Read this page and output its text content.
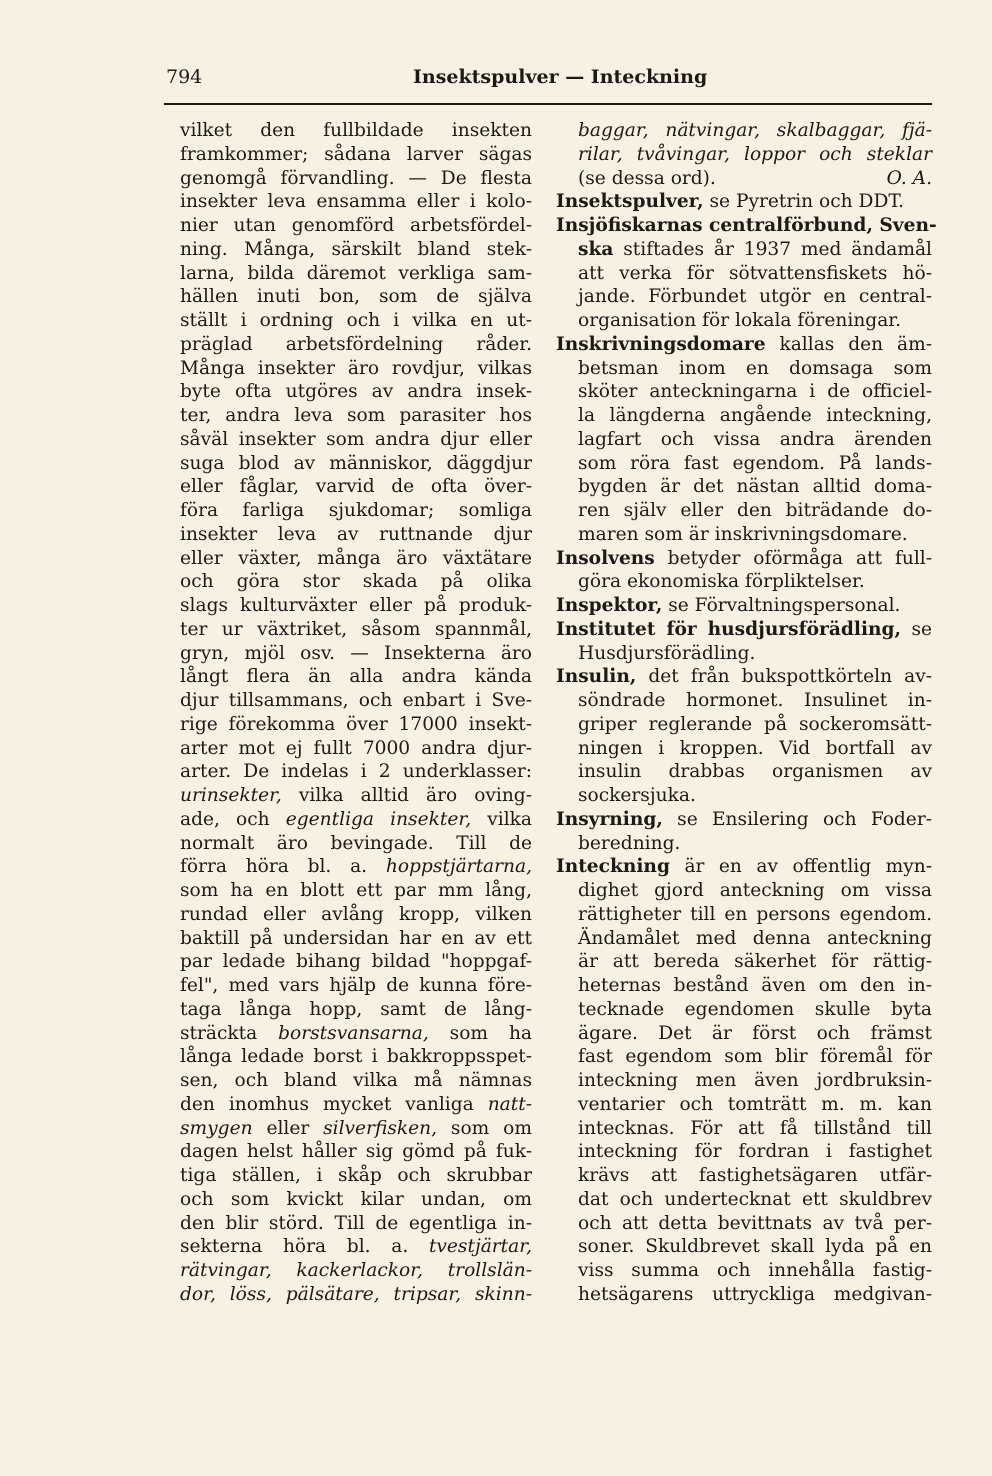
794	Insektspulver — Inteckning
vilket den fullbildade insekten
framkommer; sådana larver sägas
genomgå förvandling. — De flesta
insekter leva ensamma eller i kolo-
nier utan genomförd arbetsfördel-
ning. Många, särskilt bland stek-
larna, bilda däremot verkliga sam-
hällen inuti bon, som de själva
ställt i ordning och i vilka en ut-
präglad arbetsfördelning råder.
Många insekter äro rovdjur, vilkas
byte ofta utgöres av andra insek-
ter, andra leva som parasiter hos
såväl insekter som andra djur eller
suga blod av människor, däggdjur
eller fåglar, varvid de ofta över-
föra farliga sjukdomar; somliga
insekter leva av ruttnande djur
eller växter, många äro växtätare
och göra stor skada på olika
slags kulturväxter eller på produk-
ter ur växtriket, såsom spannmål,
gryn, mjöl osv. — Insekterna äro
långt flera än alla andra kända
djur tillsammans, och enbart i Sve-
rige förekomma över 17000 insekt-
arter mot ej fullt 7000 andra djur-
arter. De indelas i 2 underklasser:
urinsekter, vilka alltid äro oving-
ade, och egentliga insekter, vilka
normalt äro bevingade. Till de
förra höra bl. a. hoppstjärtarna,
som ha en blott ett par mm lång,
rundad eller avlång kropp, vilken
baktill på undersidan har en av ett
par ledade bihang bildad "hoppgaf-
fel", med vars hjälp de kunna före-
taga långa hopp, samt de lång-
sträckta borstsvansarna, som ha
långa ledade borst i bakkroppsspet-
sen, och bland vilka må nämnas
den inomhus mycket vanliga natt-
smygen eller silverfisken, som om
dagen helst håller sig gömd på fuk-
tiga ställen, i skåp och skrubbar
och som kvickt kilar undan, om
den blir störd. Till de egentliga in-
sekterna höra bl. a. tvestjärtar,
rätvingar, kackerlackor, trollslän-
dor, löss, pälsätare, tripsar, skinn-
baggar, nätvingar, skalbaggar, fjä-
rilar, tvåvingar, loppor och steklar
(se dessa ord).	O. A.
Insektspulver, se Pyretrin och DDT.
Insjöfiskarnas centralförbund, Sven-
ska stiftades år 1937 med ändamål
att verka för sötvattensfiskets hö-
jande. Förbundet utgör en central-
organisation för lokala föreningar.
Inskrivningsdomare kallas den äm-
betsman inom en domsaga som
sköter anteckningarna i de officiel-
la längderna angående inteckning,
lagfart och vissa andra ärenden
som röra fast egendom. På lands-
bygden är det nästan alltid doma-
ren själv eller den biträdande do-
maren som är inskrivningsdomare.
Insolvens betyder oförmåga att full-
göra ekonomiska förpliktelser.
Inspektor, se Förvaltningspersonal.
Institutet för husdjursförädling, se
Husdjursförädling.
Insulin, det från bukspottkörteln av-
söndrade hormonet. Insulinet in-
griper reglerande på sockeromsätt-
ningen i kroppen. Vid bortfall av
insulin drabbas organismen av
sockersjuka.
Insyrning, se Ensilering och Foder-
beredning.
Inteckning är en av offentlig myn-
dighet gjord anteckning om vissa
rättigheter till en persons egendom.
Ändamålet med denna anteckning
är att bereda säkerhet för rättig-
heternas bestånd även om den in-
tecknade egendomen skulle byta
ägare. Det är först och främst
fast egendom som blir föremål för
inteckning men även jordbruksin-
ventarier och tomträtt m. m. kan
intecknas. För att få tillstånd till
inteckning för fordran i fastighet
krävs att fastighetsägaren utfär-
dat och undertecknat ett skuldbrev
och att detta bevittnats av två per-
soner. Skuldbrevet skall lyda på en
viss summa och innehålla fastig-
hetsägarens uttryckliga medgivan-
